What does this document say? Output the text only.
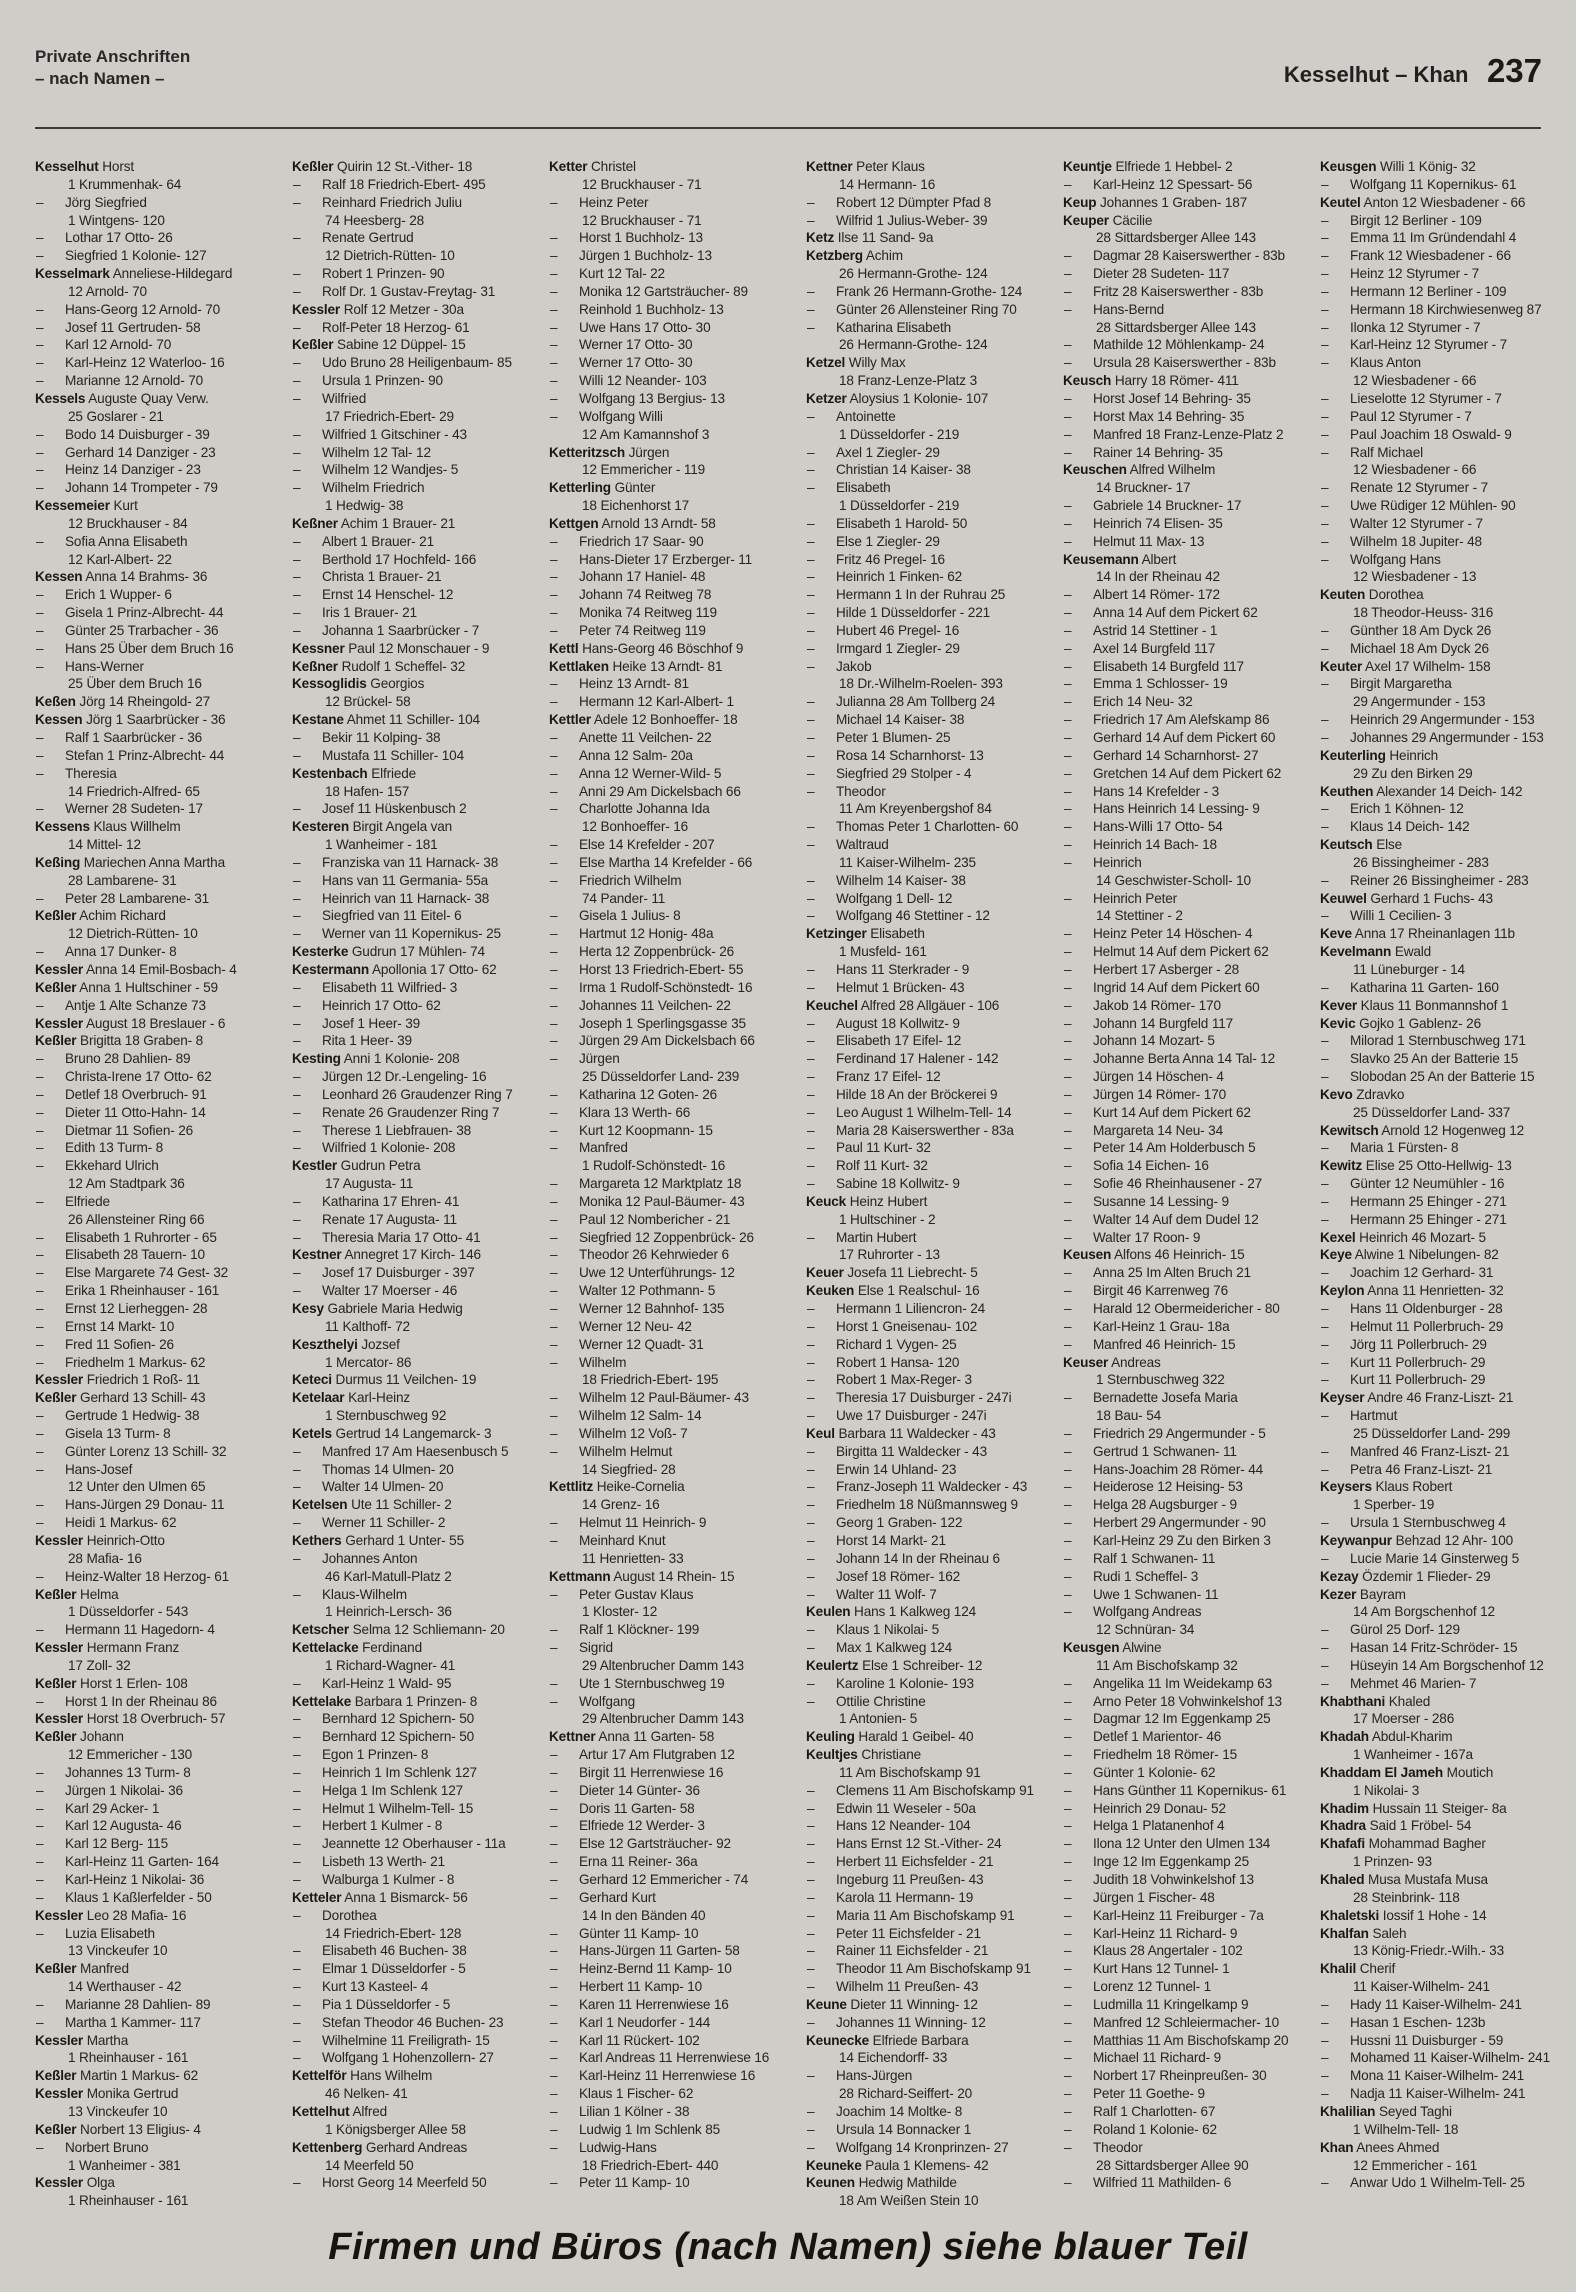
Private Anschriften
– nach Namen –	Kesselhut – Khan 237
Kesselhut Horst
1 Krummenhak- 64
– Jörg Siegfried
1 Wintgens- 120
– Lothar 17 Otto- 26
– Siegfried 1 Kolonie- 127
Kesselmark Anneliese-Hildegard
12 Arnold- 70
– Hans-Georg 12 Arnold- 70
– Josef 11 Gertruden- 58
– Karl 12 Arnold- 70
– Karl-Heinz 12 Waterloo- 16
– Marianne 12 Arnold- 70
Kessels Auguste Quay Verw.
25 Goslarer - 21
– Bodo 14 Duisburger - 39
– Gerhard 14 Danziger - 23
– Heinz 14 Danziger - 23
– Johann 14 Trompeter - 79
Kessemeier Kurt
12 Bruckhauser - 84
– Sofia Anna Elisabeth
12 Karl-Albert- 22
Kessen Anna 14 Brahms- 36
– Erich 1 Wupper- 6
– Gisela 1 Prinz-Albrecht- 44
– Günter 25 Trarbacher - 36
– Hans 25 Über dem Bruch 16
– Hans-Werner
25 Über dem Bruch 16
Keßen Jörg 14 Rheingold- 27
Kessen Jörg 1 Saarbrücker - 36
– Ralf 1 Saarbrücker - 36
– Stefan 1 Prinz-Albrecht- 44
– Theresia
14 Friedrich-Alfred- 65
– Werner 28 Sudeten- 17
Kessens Klaus Willhelm
14 Mittel- 12
Keßing Mariechen Anna Martha
28 Lambarene- 31
– Peter 28 Lambarene- 31
Keßler Achim Richard
12 Dietrich-Rütten- 10
– Anna 17 Dunker- 8
Kessler Anna 14 Emil-Bosbach- 4
Keßler Anna 1 Hultschiner - 59
– Antje 1 Alte Schanze 73
Kessler August 18 Breslauer - 6
Keßler Brigitta 18 Graben- 8
– Bruno 28 Dahlien- 89
– Christa-Irene 17 Otto- 62
– Detlef 18 Overbruch- 91
– Dieter 11 Otto-Hahn- 14
– Dietmar 11 Sofien- 26
– Edith 13 Turm- 8
– Ekkehard Ulrich
12 Am Stadtpark 36
– Elfriede
26 Allensteiner Ring 66
– Elisabeth 1 Ruhrorter - 65
– Elisabeth 28 Tauern- 10
– Else Margarete 74 Gest- 32
– Erika 1 Rheinhauser - 161
– Ernst 12 Lierheggen- 28
– Ernst 14 Markt- 10
– Fred 11 Sofien- 26
– Friedhelm 1 Markus- 62
Kessler Friedrich 1 Roß- 11
Keßler Gerhard 13 Schill- 43
– Gertrude 1 Hedwig- 38
– Gisela 13 Turm- 8
– Günter Lorenz 13 Schill- 32
– Hans-Josef
12 Unter den Ulmen 65
– Hans-Jürgen 29 Donau- 11
– Heidi 1 Markus- 62
Kessler Heinrich-Otto
28 Mafia- 16
– Heinz-Walter 18 Herzog- 61
Keßler Helma
1 Düsseldorfer - 543
– Hermann 11 Hagedorn- 4
Kessler Hermann Franz
17 Zoll- 32
Keßler Horst 1 Erlen- 108
– Horst 1 In der Rheinau 86
Kessler Horst 18 Overbruch- 57
Keßler Johann
12 Emmericher - 130
– Johannes 13 Turm- 8
– Jürgen 1 Nikolai- 36
– Karl 29 Acker- 1
– Karl 12 Augusta- 46
– Karl 12 Berg- 115
– Karl-Heinz 11 Garten- 164
– Karl-Heinz 1 Nikolai- 36
– Klaus 1 Kaßlerfelder - 50
Kessler Leo 28 Mafia- 16
– Luzia Elisabeth
13 Vinckeufer 10
Keßler Manfred
14 Werthauser - 42
– Marianne 28 Dahlien- 89
– Martha 1 Kammer- 117
Kessler Martha
1 Rheinhauser - 161
Keßler Martin 1 Markus- 62
Kessler Monika Gertrud
13 Vinckeufer 10
Keßler Norbert 13 Eligius- 4
– Norbert Bruno
1 Wanheimer - 381
Kessler Olga
1 Rheinhauser - 161
Keßler Quirin 12 St.-Vither- 18
– Ralf 18 Friedrich-Ebert- 495
– Reinhard Friedrich Juliu
74 Heesberg- 28
– Renate Gertrud
12 Dietrich-Rütten- 10
– Robert 1 Prinzen- 90
– Rolf Dr. 1 Gustav-Freytag- 31
Kessler Rolf 12 Metzer - 30a
– Rolf-Peter 18 Herzog- 61
Keßler Sabine 12 Düppel- 15
– Udo Bruno 28 Heiligenbaum- 85
– Ursula 1 Prinzen- 90
– Wilfried
17 Friedrich-Ebert- 29
– Wilfried 1 Gitschiner - 43
– Wilhelm 12 Tal- 12
– Wilhelm 12 Wandjes- 5
– Wilhelm Friedrich
1 Hedwig- 38
Keßner Achim 1 Brauer- 21
– Albert 1 Brauer- 21
– Berthold 17 Hochfeld- 166
– Christa 1 Brauer- 21
– Ernst 14 Henschel- 12
– Iris 1 Brauer- 21
– Johanna 1 Saarbrücker - 7
Kessner Paul 12 Monschauer - 9
Keßner Rudolf 1 Scheffel- 32
Kessoglidis Georgios
12 Brückel- 58
Kestane Ahmet 11 Schiller- 104
– Bekir 11 Kolping- 38
– Mustafa 11 Schiller- 104
Kestenbach Elfriede
18 Hafen- 157
– Josef 11 Hüskenbusch 2
Kesteren Birgit Angela van
1 Wanheimer - 181
– Franziska van 11 Harnack- 38
– Hans van 11 Germania- 55a
– Heinrich van 11 Harnack- 38
– Siegfried van 11 Eitel- 6
– Werner van 11 Kopernikus- 25
Kesterke Gudrun 17 Mühlen- 74
Kestermann Apollonia 17 Otto- 62
– Elisabeth 11 Wilfried- 3
– Heinrich 17 Otto- 62
– Josef 1 Heer- 39
– Rita 1 Heer- 39
Kesting Anni 1 Kolonie- 208
– Jürgen 12 Dr.-Lengeling- 16
– Leonhard 26 Graudenzer Ring 7
– Renate 26 Graudenzer Ring 7
– Therese 1 Liebfrauen- 38
– Wilfried 1 Kolonie- 208
Kestler Gudrun Petra
17 Augusta- 11
– Katharina 17 Ehren- 41
– Renate 17 Augusta- 11
– Theresia Maria 17 Otto- 41
Kestner Annegret 17 Kirch- 146
– Josef 17 Duisburger - 397
– Walter 17 Moerser - 46
Kesy Gabriele Maria Hedwig
11 Kalthoff- 72
Keszthelyi Jozsef
1 Mercator- 86
Keteci Durmus 11 Veilchen- 19
Ketelaar Karl-Heinz
1 Sternbuschweg 92
Ketels Gertrud 14 Langemarck- 3
– Manfred 17 Am Haesenbusch 5
– Thomas 14 Ulmen- 20
– Walter 14 Ulmen- 20
Ketelsen Ute 11 Schiller- 2
– Werner 11 Schiller- 2
Kethers Gerhard 1 Unter- 55
– Johannes Anton
46 Karl-Matull-Platz 2
– Klaus-Wilhelm
1 Heinrich-Lersch- 36
Ketscher Selma 12 Schliemann- 20
Kettelacke Ferdinand
1 Richard-Wagner- 41
– Karl-Heinz 1 Wald- 95
Kettelake Barbara 1 Prinzen- 8
– Bernhard 12 Spichern- 50
– Bernhard 12 Spichern- 50
– Egon 1 Prinzen- 8
– Heinrich 1 Im Schlenk 127
– Helga 1 Im Schlenk 127
– Helmut 1 Wilhelm-Tell- 15
– Herbert 1 Kulmer - 8
– Jeannette 12 Oberhauser - 11a
– Lisbeth 13 Werth- 21
– Walburga 1 Kulmer - 8
Ketteler Anna 1 Bismarck- 56
– Dorothea
14 Friedrich-Ebert- 128
– Elisabeth 46 Buchen- 38
– Elmar 1 Düsseldorfer - 5
– Kurt 13 Kasteel- 4
– Pia 1 Düsseldorfer - 5
– Stefan Theodor 46 Buchen- 23
– Wilhelmine 11 Freiligrath- 15
– Wolfgang 1 Hohenzollern- 27
Kettelför Hans Wilhelm
46 Nelken- 41
Kettelhut Alfred
1 Königsberger Allee 58
Kettenberg Gerhard Andreas
14 Meerfeld 50
– Horst Georg 14 Meerfeld 50
Ketter Christel
12 Bruckhauser - 71
– Heinz Peter
12 Bruckhauser - 71
– Horst 1 Buchholz- 13
– Jürgen 1 Buchholz- 13
– Kurt 12 Tal- 22
– Monika 12 Gartsträucher- 89
– Reinhold 1 Buchholz- 13
– Uwe Hans 17 Otto- 30
– Werner 17 Otto- 30
– Werner 17 Otto- 30
– Willi 12 Neander- 103
– Wolfgang 13 Bergius- 13
– Wolfgang Willi
12 Am Kamannshof 3
Ketteritzsch Jürgen
12 Emmericher - 119
Ketterling Günter
18 Eichenhorst 17
Kettgen Arnold 13 Arndt- 58
– Friedrich 17 Saar- 90
– Hans-Dieter 17 Erzberger- 11
– Johann 17 Haniel- 48
– Johann 74 Reitweg 78
– Monika 74 Reitweg 119
– Peter 74 Reitweg 119
Kettl Hans-Georg 46 Böschhof 9
Kettlaken Heike 13 Arndt- 81
– Heinz 13 Arndt- 81
– Hermann 12 Karl-Albert- 1
Kettler Adele 12 Bonhoeffer- 18
– Anette 11 Veilchen- 22
– Anna 12 Salm- 20a
– Anna 12 Werner-Wild- 5
– Anni 29 Am Dickelsbach 66
– Charlotte Johanna Ida
12 Bonhoeffer- 16
– Else 14 Krefelder - 207
– Else Martha 14 Krefelder - 66
– Friedrich Wilhelm
74 Pander- 11
– Gisela 1 Julius- 8
– Hartmut 12 Honig- 48a
– Herta 12 Zoppenbrück- 26
– Horst 13 Friedrich-Ebert- 55
– Irma 1 Rudolf-Schönstedt- 16
– Johannes 11 Veilchen- 22
– Joseph 1 Sperlingsgasse 35
– Jürgen 29 Am Dickelsbach 66
– Jürgen
25 Düsseldorfer Land- 239
– Katharina 12 Goten- 26
– Klara 13 Werth- 66
– Kurt 12 Koopmann- 15
– Manfred
1 Rudolf-Schönstedt- 16
– Margareta 12 Marktplatz 18
– Monika 12 Paul-Bäumer- 43
– Paul 12 Nombericher - 21
– Siegfried 12 Zoppenbrück- 26
– Theodor 26 Kehrwieder 6
– Uwe 12 Unterführungs- 12
– Walter 12 Pothmann- 5
– Werner 12 Bahnhof- 135
– Werner 12 Neu- 42
– Werner 12 Quadt- 31
– Wilhelm
18 Friedrich-Ebert- 195
– Wilhelm 12 Paul-Bäumer- 43
– Wilhelm 12 Salm- 14
– Wilhelm 12 Voß- 7
– Wilhelm Helmut
14 Siegfried- 28
Kettlitz Heike-Cornelia
14 Grenz- 16
– Helmut 11 Heinrich- 9
– Meinhard Knut
11 Henrietten- 33
Kettmann August 14 Rhein- 15
– Peter Gustav Klaus
1 Kloster- 12
– Ralf 1 Klöckner- 199
– Sigrid
29 Altenbrucher Damm 143
– Ute 1 Sternbuschweg 19
– Wolfgang
29 Altenbrucher Damm 143
Kettner Anna 11 Garten- 58
– Artur 17 Am Flutgraben 12
– Birgit 11 Herrenwiese 16
– Dieter 14 Günter- 36
– Doris 11 Garten- 58
– Elfriede 12 Werder- 3
– Else 12 Gartsträucher- 92
– Erna 11 Reiner- 36a
– Gerhard 12 Emmericher - 74
– Gerhard Kurt
14 In den Bänden 40
– Günter 11 Kamp- 10
– Hans-Jürgen 11 Garten- 58
– Heinz-Bernd 11 Kamp- 10
– Herbert 11 Kamp- 10
– Karen 11 Herrenwiese 16
– Karl 1 Neudorfer - 144
– Karl 11 Rückert- 102
– Karl Andreas 11 Herrenwiese 16
– Karl-Heinz 11 Herrenwiese 16
– Klaus 1 Fischer- 62
– Lilian 1 Kölner - 38
– Ludwig 1 Im Schlenk 85
– Ludwig-Hans
18 Friedrich-Ebert- 440
– Peter 11 Kamp- 10
Kettner Peter Klaus
14 Hermann- 16
– Robert 12 Dümpter Pfad 8
– Wilfrid 1 Julius-Weber- 39
Ketz Ilse 11 Sand- 9a
Ketzberg Achim
26 Hermann-Grothe- 124
– Frank 26 Hermann-Grothe- 124
– Günter 26 Allensteiner Ring 70
– Katharina Elisabeth
26 Hermann-Grothe- 124
Ketzel Willy Max
18 Franz-Lenze-Platz 3
Ketzer Aloysius 1 Kolonie- 107
– Antoinette
1 Düsseldorfer - 219
– Axel 1 Ziegler- 29
– Christian 14 Kaiser- 38
– Elisabeth
1 Düsseldorfer - 219
– Elisabeth 1 Harold- 50
– Else 1 Ziegler- 29
– Fritz 46 Pregel- 16
– Heinrich 1 Finken- 62
– Hermann 1 In der Ruhrau 25
– Hilde 1 Düsseldorfer - 221
– Hubert 46 Pregel- 16
– Irmgard 1 Ziegler- 29
– Jakob
18 Dr.-Wilhelm-Roelen- 393
– Julianna 28 Am Tollberg 24
– Michael 14 Kaiser- 38
– Peter 1 Blumen- 25
– Rosa 14 Scharnhorst- 13
– Siegfried 29 Stolper - 4
– Theodor
11 Am Kreyenbergshof 84
– Thomas Peter 1 Charlotten- 60
– Waltraud
11 Kaiser-Wilhelm- 235
– Wilhelm 14 Kaiser- 38
– Wolfgang 1 Dell- 12
– Wolfgang 46 Stettiner - 12
Ketzinger Elisabeth
1 Musfeld- 161
– Hans 11 Sterkrader - 9
– Helmut 1 Brücken- 43
Keuchel Alfred 28 Allgäuer - 106
– August 18 Kollwitz- 9
– Elisabeth 17 Eifel- 12
– Ferdinand 17 Halener - 142
– Franz 17 Eifel- 12
– Hilde 18 An der Bröckerei 9
– Leo August 1 Wilhelm-Tell- 14
– Maria 28 Kaiserswerther - 83a
– Paul 11 Kurt- 32
– Rolf 11 Kurt- 32
– Sabine 18 Kollwitz- 9
Keuck Heinz Hubert
1 Hultschiner - 2
– Martin Hubert
17 Ruhrorter - 13
Keuer Josefa 11 Liebrecht- 5
Keuken Else 1 Realschul- 16
– Hermann 1 Liliencron- 24
– Horst 1 Gneisenau- 102
– Richard 1 Vygen- 25
– Robert 1 Hansa- 120
– Robert 1 Max-Reger- 3
– Theresia 17 Duisburger - 247i
– Uwe 17 Duisburger - 247i
Keul Barbara 11 Waldecker - 43
– Birgitta 11 Waldecker - 43
– Erwin 14 Uhland- 23
– Franz-Joseph 11 Waldecker - 43
– Friedhelm 18 Nüßmannsweg 9
– Georg 1 Graben- 122
– Horst 14 Markt- 21
– Johann 14 In der Rheinau 6
– Josef 18 Römer- 162
– Walter 11 Wolf- 7
Keulen Hans 1 Kalkweg 124
– Klaus 1 Nikolai- 5
– Max 1 Kalkweg 124
Keulertz Else 1 Schreiber- 12
– Karoline 1 Kolonie- 193
– Ottilie Christine
1 Antonien- 5
Keuling Harald 1 Geibel- 40
Keultjes Christiane
11 Am Bischofskamp 91
– Clemens 11 Am Bischofskamp 91
– Edwin 11 Weseler - 50a
– Hans 12 Neander- 104
– Hans Ernst 12 St.-Vither- 24
– Herbert 11 Eichsfelder - 21
– Ingeburg 11 Preußen- 43
– Karola 11 Hermann- 19
– Maria 11 Am Bischofskamp 91
– Peter 11 Eichsfelder - 21
– Rainer 11 Eichsfelder - 21
– Theodor 11 Am Bischofskamp 91
– Wilhelm 11 Preußen- 43
Keune Dieter 11 Winning- 12
– Johannes 11 Winning- 12
Keunecke Elfriede Barbara
14 Eichendorff- 33
– Hans-Jürgen
28 Richard-Seiffert- 20
– Joachim 14 Moltke- 8
– Ursula 14 Bonnacker 1
– Wolfgang 14 Kronprinzen- 27
Keuneke Paula 1 Klemens- 42
Keunen Hedwig Mathilde
18 Am Weißen Stein 10
Keuntje Elfriede 1 Hebbel- 2
– Karl-Heinz 12 Spessart- 56
Keup Johannes 1 Graben- 187
Keuper Cäcilie
28 Sittardsberger Allee 143
– Dagmar 28 Kaiserswerther - 83b
– Dieter 28 Sudeten- 117
– Fritz 28 Kaiserswerther - 83b
– Hans-Bernd
28 Sittardsberger Allee 143
– Mathilde 12 Möhlenkamp- 24
– Ursula 28 Kaiserswerther - 83b
Keusch Harry 18 Römer- 411
– Horst Josef 14 Behring- 35
– Horst Max 14 Behring- 35
– Manfred 18 Franz-Lenze-Platz 2
– Rainer 14 Behring- 35
Keuschen Alfred Wilhelm
14 Bruckner- 17
– Gabriele 14 Bruckner- 17
– Heinrich 74 Elisen- 35
– Helmut 11 Max- 13
Keusemann Albert
14 In der Rheinau 42
– Albert 14 Römer- 172
– Anna 14 Auf dem Pickert 62
– Astrid 14 Stettiner - 1
– Axel 14 Burgfeld 117
– Elisabeth 14 Burgfeld 117
– Emma 1 Schlosser- 19
– Erich 14 Neu- 32
– Friedrich 17 Am Alefskamp 86
– Gerhard 14 Auf dem Pickert 60
– Gerhard 14 Scharnhorst- 27
– Gretchen 14 Auf dem Pickert 62
– Hans 14 Krefelder - 3
– Hans Heinrich 14 Lessing- 9
– Hans-Willi 17 Otto- 54
– Heinrich 14 Bach- 18
– Heinrich
14 Geschwister-Scholl- 10
– Heinrich Peter
14 Stettiner - 2
– Heinz Peter 14 Höschen- 4
– Helmut 14 Auf dem Pickert 62
– Herbert 17 Asberger - 28
– Ingrid 14 Auf dem Pickert 60
– Jakob 14 Römer- 170
– Johann 14 Burgfeld 117
– Johann 14 Mozart- 5
– Johanne Berta Anna 14 Tal- 12
– Jürgen 14 Höschen- 4
– Jürgen 14 Römer- 170
– Kurt 14 Auf dem Pickert 62
– Margareta 14 Neu- 34
– Peter 14 Am Holderbusch 5
– Sofia 14 Eichen- 16
– Sofie 46 Rheinhausener - 27
– Susanne 14 Lessing- 9
– Walter 14 Auf dem Dudel 12
– Walter 17 Roon- 9
Keusen Alfons 46 Heinrich- 15
– Anna 25 Im Alten Bruch 21
– Birgit 46 Karrenweg 76
– Harald 12 Obermeidericher - 80
– Karl-Heinz 1 Grau- 18a
– Manfred 46 Heinrich- 15
Keuser Andreas
1 Sternbuschweg 322
– Bernadette Josefa Maria
18 Bau- 54
– Friedrich 29 Angermunder - 5
– Gertrud 1 Schwanen- 11
– Hans-Joachim 28 Römer- 44
– Heiderose 12 Heising- 53
– Helga 28 Augsburger - 9
– Herbert 29 Angermunder - 90
– Karl-Heinz 29 Zu den Birken 3
– Ralf 1 Schwanen- 11
– Rudi 1 Scheffel- 3
– Uwe 1 Schwanen- 11
– Wolfgang Andreas
12 Schnüran- 34
Keusgen Alwine
11 Am Bischofskamp 32
– Angelika 11 Im Weidekamp 63
– Arno Peter 18 Vohwinkelshof 13
– Dagmar 12 Im Eggenkamp 25
– Detlef 1 Marientor- 46
– Friedhelm 18 Römer- 15
– Günter 1 Kolonie- 62
– Hans Günther 11 Kopernikus- 61
– Heinrich 29 Donau- 52
– Helga 1 Platanenhof 4
– Ilona 12 Unter den Ulmen 134
– Inge 12 Im Eggenkamp 25
– Judith 18 Vohwinkelshof 13
– Jürgen 1 Fischer- 48
– Karl-Heinz 11 Freiburger - 7a
– Karl-Heinz 11 Richard- 9
– Klaus 28 Angertaler - 102
– Kurt Hans 12 Tunnel- 1
– Lorenz 12 Tunnel- 1
– Ludmilla 11 Kringelkamp 9
– Manfred 12 Schleiermacher- 10
– Matthias 11 Am Bischofskamp 20
– Michael 11 Richard- 9
– Norbert 17 Rheinpreußen- 30
– Peter 11 Goethe- 9
– Ralf 1 Charlotten- 67
– Roland 1 Kolonie- 62
– Theodor
28 Sittardsberger Allee 90
– Wilfried 11 Mathilden- 6
Keusgen Willi 1 König- 32
– Wolfgang 11 Kopernikus- 61
Keutel Anton 12 Wiesbadener - 66
– Birgit 12 Berliner - 109
– Emma 11 Im Gründendahl 4
– Frank 12 Wiesbadener - 66
– Heinz 12 Styrumer - 7
– Hermann 12 Berliner - 109
– Hermann 18 Kirchwiesenweg 87
– Ilonka 12 Styrumer - 7
– Karl-Heinz 12 Styrumer - 7
– Klaus Anton
12 Wiesbadener - 66
– Lieselotte 12 Styrumer - 7
– Paul 12 Styrumer - 7
– Paul Joachim 18 Oswald- 9
– Ralf Michael
12 Wiesbadener - 66
– Renate 12 Styrumer - 7
– Uwe Rüdiger 12 Mühlen- 90
– Walter 12 Styrumer - 7
– Wilhelm 18 Jupiter- 48
– Wolfgang Hans
12 Wiesbadener - 13
Keuten Dorothea
18 Theodor-Heuss- 316
– Günther 18 Am Dyck 26
– Michael 18 Am Dyck 26
Keuter Axel 17 Wilhelm- 158
– Birgit Margaretha
29 Angermunder - 153
– Heinrich 29 Angermunder - 153
– Johannes 29 Angermunder - 153
Keuterling Heinrich
29 Zu den Birken 29
Keuthen Alexander 14 Deich- 142
– Erich 1 Köhnen- 12
– Klaus 14 Deich- 142
Keutsch Else
26 Bissingheimer - 283
– Reiner 26 Bissingheimer - 283
Keuwel Gerhard 1 Fuchs- 43
– Willi 1 Cecilien- 3
Keve Anna 17 Rheinanlagen 11b
Kevelmann Ewald
11 Lüneburger - 14
– Katharina 11 Garten- 160
Kever Klaus 11 Bonmannshof 1
Kevic Gojko 1 Gablenz- 26
– Milorad 1 Sternbuschweg 171
– Slavko 25 An der Batterie 15
– Slobodan 25 An der Batterie 15
Kevo Zdravko
25 Düsseldorfer Land- 337
Kewitsch Arnold 12 Hogenweg 12
– Maria 1 Fürsten- 8
Kewitz Elise 25 Otto-Hellwig- 13
– Günter 12 Neumühler - 16
– Hermann 25 Ehinger - 271
– Hermann 25 Ehinger - 271
Kexel Heinrich 46 Mozart- 5
Keye Alwine 1 Nibelungen- 82
– Joachim 12 Gerhard- 31
Keylon Anna 11 Henrietten- 32
– Hans 11 Oldenburger - 28
– Helmut 11 Pollerbruch- 29
– Jörg 11 Pollerbruch- 29
– Kurt 11 Pollerbruch- 29
– Kurt 11 Pollerbruch- 29
Keyser Andre 46 Franz-Liszt- 21
– Hartmut
25 Düsseldorfer Land- 299
– Manfred 46 Franz-Liszt- 21
– Petra 46 Franz-Liszt- 21
Keysers Klaus Robert
1 Sperber- 19
– Ursula 1 Sternbuschweg 4
Keywanpur Behzad 12 Ahr- 100
– Lucie Marie 14 Ginsterweg 5
Kezay Özdemir 1 Flieder- 29
Kezer Bayram
14 Am Borgschenhof 12
– Gürol 25 Dorf- 129
– Hasan 14 Fritz-Schröder- 15
– Hüseyin 14 Am Borgschenhof 12
– Mehmet 46 Marien- 7
Khabthani Khaled
17 Moerser - 286
Khadah Abdul-Kharim
1 Wanheimer - 167a
Khaddam El Jameh Moutich
1 Nikolai- 3
Khadim Hussain 11 Steiger- 8a
Khadra Said 1 Fröbel- 54
Khafafi Mohammad Bagher
1 Prinzen- 93
Khaled Musa Mustafa Musa
28 Steinbrink- 118
Khaletski Iossif 1 Hohe - 14
Khalfan Saleh
13 König-Friedr.-Wilh.- 33
Khalil Cherif
11 Kaiser-Wilhelm- 241
– Hady 11 Kaiser-Wilhelm- 241
– Hasan 1 Eschen- 123b
– Hussni 11 Duisburger - 59
– Mohamed 11 Kaiser-Wilhelm- 241
– Mona 11 Kaiser-Wilhelm- 241
– Nadja 11 Kaiser-Wilhelm- 241
Khalilian Seyed Taghi
1 Wilhelm-Tell- 18
Khan Anees Ahmed
12 Emmericher - 161
– Anwar Udo 1 Wilhelm-Tell- 25
Firmen und Büros (nach Namen) siehe blauer Teil
